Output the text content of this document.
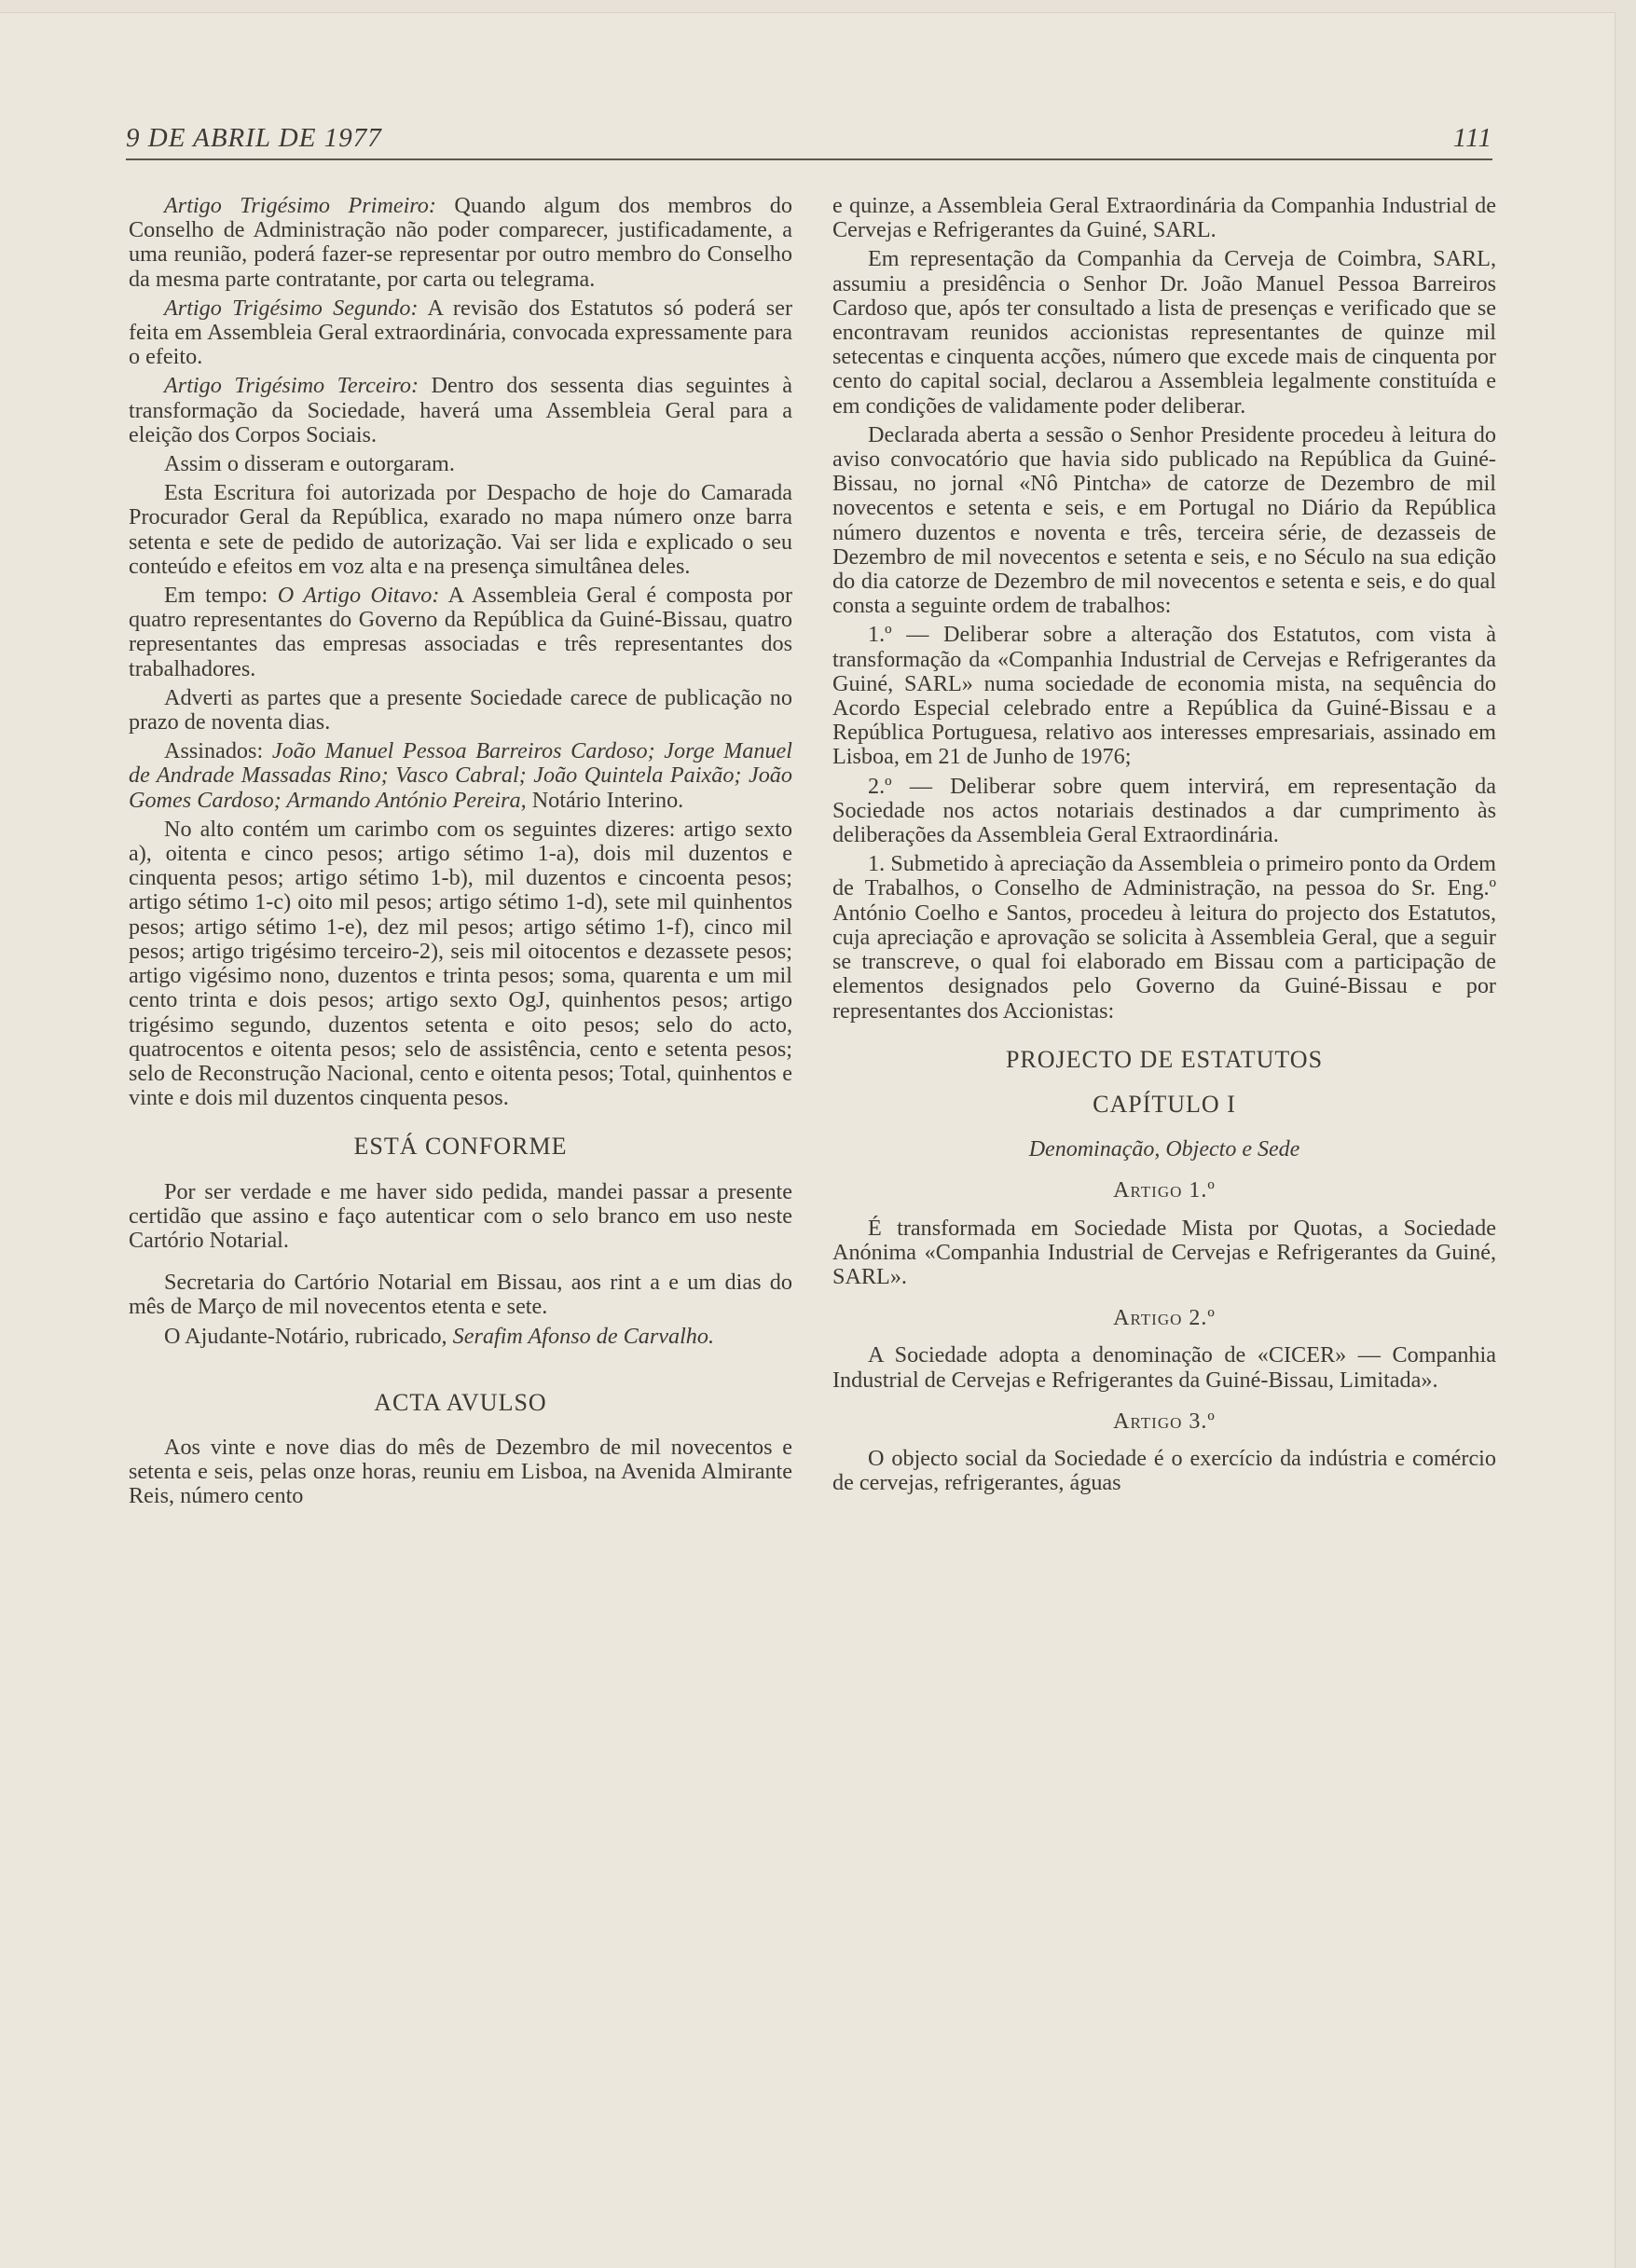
9 DE ABRIL DE 1977	111

Artigo Trigésimo Primeiro: Quando algum dos membros do Conselho de Administração não poder comparecer, justificadamente, a uma reunião, poderá fazer-se representar por outro membro do Conselho da mesma parte contratante, por carta ou telegrama.

Artigo Trigésimo Segundo: A revisão dos Estatutos só poderá ser feita em Assembleia Geral extraordinária, convocada expressamente para o efeito.

Artigo Trigésimo Terceiro: Dentro dos sessenta dias seguintes à transformação da Sociedade, haverá uma Assembleia Geral para a eleição dos Corpos Sociais.

Assim o disseram e outorgaram.

Esta Escritura foi autorizada por Despacho de hoje do Camarada Procurador Geral da República, exarado no mapa número onze barra setenta e sete de pedido de autorização. Vai ser lida e explicado o seu conteúdo e efeitos em voz alta e na presença simultânea deles.

Em tempo: O Artigo Oitavo: A Assembleia Geral é composta por quatro representantes do Governo da República da Guiné-Bissau, quatro representantes das empresas associadas e três representantes dos trabalhadores.

Adverti as partes que a presente Sociedade carece de publicação no prazo de noventa dias.

Assinados: João Manuel Pessoa Barreiros Cardoso; Jorge Manuel de Andrade Massadas Rino; Vasco Cabral; João Quintela Paixão; João Gomes Cardoso; Armando António Pereira, Notário Interino.

No alto contém um carimbo com os seguintes dizeres: artigo sexto a), oitenta e cinco pesos; artigo sétimo 1-a), dois mil duzentos e cinquenta pesos; artigo sétimo 1-b), mil duzentos e cincoenta pesos; artigo sétimo 1-c) oito mil pesos; artigo sétimo 1-d), sete mil quinhentos pesos; artigo sétimo 1-e), dez mil pesos; artigo sétimo 1-f), cinco mil pesos; artigo trigésimo terceiro-2), seis mil oitocentos e dezassete pesos; artigo vigésimo nono, duzentos e trinta pesos; soma, quarenta e um mil cento trinta e dois pesos; artigo sexto OgJ, quinhentos pesos; artigo trigésimo segundo, duzentos setenta e oito pesos; selo do acto, quatrocentos e oitenta pesos; selo de assistência, cento e setenta pesos; selo de Reconstrução Nacional, cento e oitenta pesos; Total, quinhentos e vinte e dois mil duzentos cinquenta pesos.

ESTÁ CONFORME

Por ser verdade e me haver sido pedida, mandei passar a presente certidão que assino e faço autenticar com o selo branco em uso neste Cartório Notarial.

Secretaria do Cartório Notarial em Bissau, aos rint a e um dias do mês de Março de mil novecentos etenta e sete.

O Ajudante-Notário, rubricado, Serafim Afonso de Carvalho.

ACTA AVULSO

Aos vinte e nove dias do mês de Dezembro de mil novecentos e setenta e seis, pelas onze horas, reuniu em Lisboa, na Avenida Almirante Reis, número cento

e quinze, a Assembleia Geral Extraordinária da Companhia Industrial de Cervejas e Refrigerantes da Guiné, SARL.

Em representação da Companhia da Cerveja de Coimbra, SARL, assumiu a presidência o Senhor Dr. João Manuel Pessoa Barreiros Cardoso que, após ter consultado a lista de presenças e verificado que se encontravam reunidos accionistas representantes de quinze mil setecentas e cinquenta acções, número que excede mais de cinquenta por cento do capital social, declarou a Assembleia legalmente constituída e em condições de validamente poder deliberar.

Declarada aberta a sessão o Senhor Presidente procedeu à leitura do aviso convocatório que havia sido publicado na República da Guiné-Bissau, no jornal «Nô Pintcha» de catorze de Dezembro de mil novecentos e setenta e seis, e em Portugal no Diário da República número duzentos e noventa e três, terceira série, de dezasseis de Dezembro de mil novecentos e setenta e seis, e no Século na sua edição do dia catorze de Dezembro de mil novecentos e setenta e seis, e do qual consta a seguinte ordem de trabalhos:

1.º — Deliberar sobre a alteração dos Estatutos, com vista à transformação da «Companhia Industrial de Cervejas e Refrigerantes da Guiné, SARL» numa sociedade de economia mista, na sequência do Acordo Especial celebrado entre a República da Guiné-Bissau e a República Portuguesa, relativo aos interesses empresariais, assinado em Lisboa, em 21 de Junho de 1976;

2.º — Deliberar sobre quem intervirá, em representação da Sociedade nos actos notariais destinados a dar cumprimento às deliberações da Assembleia Geral Extraordinária.

1. Submetido à apreciação da Assembleia o primeiro ponto da Ordem de Trabalhos, o Conselho de Administração, na pessoa do Sr. Eng.º António Coelho e Santos, procedeu à leitura do projecto dos Estatutos, cuja apreciação e aprovação se solicita à Assembleia Geral, que a seguir se transcreve, o qual foi elaborado em Bissau com a participação de elementos designados pelo Governo da Guiné-Bissau e por representantes dos Accionistas:

PROJECTO DE ESTATUTOS

CAPÍTULO I

Denominação, Objecto e Sede

Artigo 1.º

É transformada em Sociedade Mista por Quotas, a Sociedade Anónima «Companhia Industrial de Cervejas e Refrigerantes da Guiné, SARL».

Artigo 2.º

A Sociedade adopta a denominação de «CICER» — Companhia Industrial de Cervejas e Refrigerantes da Guiné-Bissau, Limitada».

Artigo 3.º

O objecto social da Sociedade é o exercício da indústria e comércio de cervejas, refrigerantes, águas
